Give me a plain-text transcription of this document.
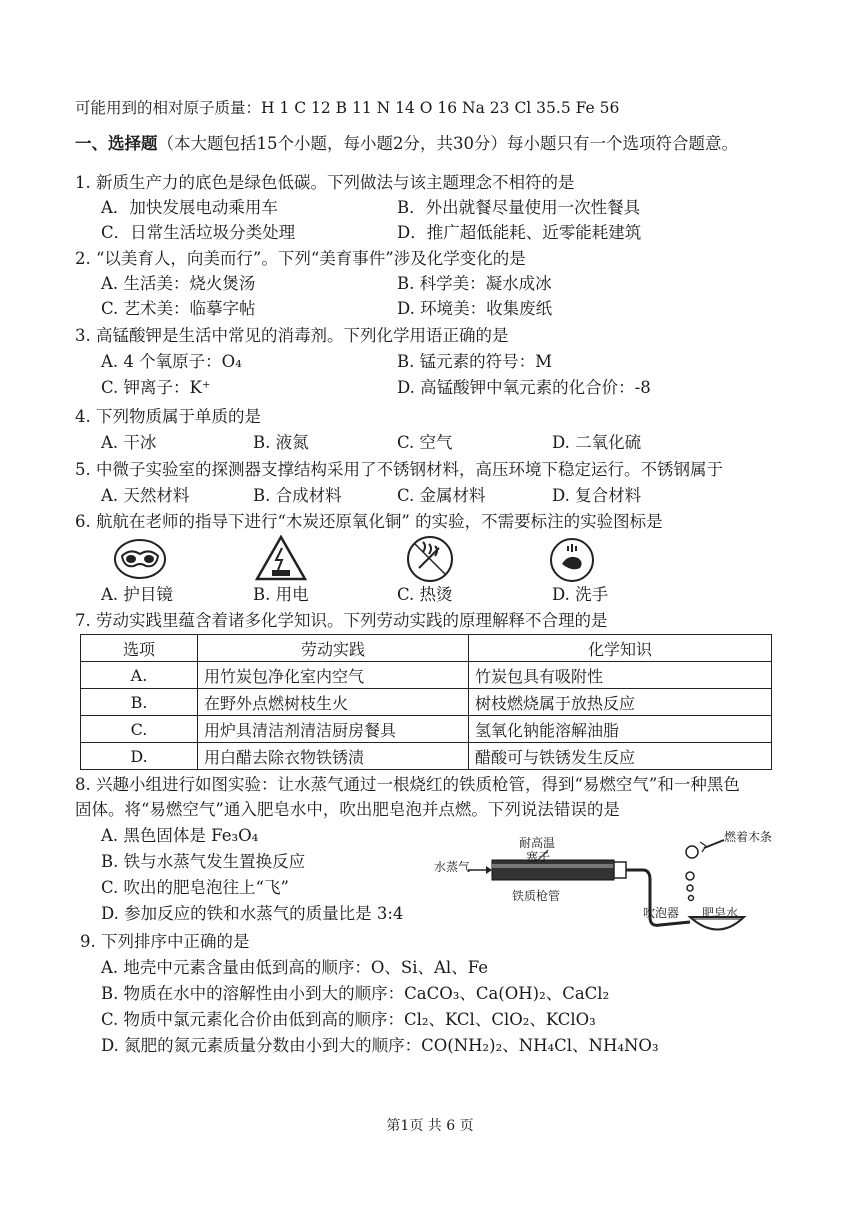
可能用到的相对原子质量：H 1 C 12 B 11 N 14 O 16 Na 23 Cl 35.5 Fe 56
一、选择题（本大题包括15个小题，每小题2分，共30分）每小题只有一个选项符合题意。
1. 新质生产力的底色是绿色低碳。下列做法与该主题理念不相符的是
A．加快发展电动乘用车	B．外出就餐尽量使用一次性餐具
C．日常生活垃圾分类处理	D．推广超低能耗、近零能耗建筑
2. “以美育人，向美而行”。下列“美育事件”涉及化学变化的是
A. 生活美：烧火煲汤	B. 科学美：凝水成冰
C. 艺术美：临摹字帖	D. 环境美：收集废纸
3. 高锰酸钾是生活中常见的消毒剂。下列化学用语正确的是
A. 4 个氧原子：O₄	B. 锰元素的符号：M
C. 钾离子：K⁺	D. 高锰酸钾中氧元素的化合价：-8
4. 下列物质属于单质的是
A. 干冰	B. 液氮	C. 空气	D. 二氧化硫
5. 中微子实验室的探测器支撑结构采用了不锈钢材料，高压环境下稳定运行。不锈钢属于
A. 天然材料	B. 合成材料	C. 金属材料	D. 复合材料
6. 航航在老师的指导下进行“木炭还原氧化铜” 的实验，不需要标注的实验图标是
A. 护目镜	B. 用电	C. 热烫	D. 洗手
7. 劳动实践里蕴含着诸多化学知识。下列劳动实践的原理解释不合理的是
选项	劳动实践	化学知识
A.	用竹炭包净化室内空气	竹炭包具有吸附性
B.	在野外点燃树枝生火	树枝燃烧属于放热反应
C.	用炉具清洁剂清洁厨房餐具	氢氧化钠能溶解油脂
D.	用白醋去除衣物铁锈渍	醋酸可与铁锈发生反应
8. 兴趣小组进行如图实验：让水蒸气通过一根烧红的铁质枪管，得到“易燃空气”和一种黑色
固体。将“易燃空气”通入肥皂水中，吹出肥皂泡并点燃。下列说法错误的是
A. 黑色固体是 Fe₃O₄
B. 铁与水蒸气发生置换反应
C. 吹出的肥皂泡往上“飞”
D. 参加反应的铁和水蒸气的质量比是 3:4
水蒸气
耐高温
塞子
铁质枪管
吹泡器 肥皂水
燃着木条
9. 下列排序中正确的是
A. 地壳中元素含量由低到高的顺序：O、Si、Al、Fe
B. 物质在水中的溶解性由小到大的顺序：CaCO₃、Ca(OH)₂、CaCl₂
C. 物质中氯元素化合价由低到高的顺序：Cl₂、KCl、ClO₂、KClO₃
D. 氮肥的氮元素质量分数由小到大的顺序：CO(NH₂)₂、NH₄Cl、NH₄NO₃
第1页 共 6 页
